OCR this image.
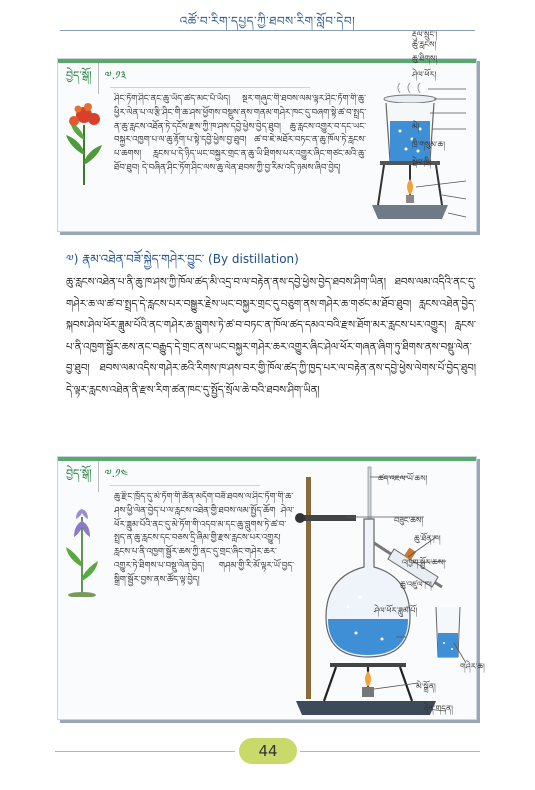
འཚོ་བ་རིག་དཔྱད་ཀྱི་ཐབས་རིག་སློབ་དེབ།
བྱེད་སྒོ།	༧.༡༣
ཤིང་ཏོག་ཤིང་ནང་ཆུ་ཡོད་ཚད་མང་པོ་ཡོད། སྔར་གཞུང་གི་ཐབས་ལམ་ལྟར་ཤིང་ཏོག་གི་ཆུ་ཕྱིར་ལེན་པ་ལ་རྩི་ཤིང་གི་ཆ་ཤས་ཕྱོགས་བསྡུས་ནས་གནམ་གཤེར་ཁང་དུ་བཞག་སྟེ་ཚ་བ་སྤྲད་ན་ཆུ་རླངས་འཐོན་ཏེ་དངོས་རྫས་ཀྱི་ཁ་ཤས་དབྱེ་ཕྱེས་བྱེད་ཐུབ། ཆུ་རླངས་འགྱུར་བ་དང་ཡང་བསྐྱར་འཁྱག་པ་ལ་ཆུ་རྟོག་པ་སྟེ་དབྱེ་ཕྱེས་བྱ་ཐུབ། ཚ་བ་ཇེ་མཐོར་བཏང་ན་ཆུ་ཁོལ་ཏེ་རླངས་པ་ཆགས། རླངས་པ་དེ་ཉིད་ཡང་བསྐྱར་གྲང་ན་ཆུ་ཡི་ཐིགས་པར་འགྱུར་ཞིང་གཙང་མའི་ཆུ་ཐོབ་ཐུབ། དེ་བཞིན་ཤིང་ཏོག་ཤིང་ལས་ཆུ་ལེན་ཐབས་ཀྱི་བྱ་རིམ་འདི་ཉམས་ཞིབ་བྱེད།
རྡུལ་སྲུང་།
ཆུ་རླངས།
ཆུ་ཐིགས།
ཤེལ་ཕོར།
མེ།
ཁྲི་གསུམ་ཆ།
སྡེབ་ཁྲི།
༧) རྣམ་འཐེན་བཟོ་སྐྱེད་གཤེར་བྱུང་ (By distillation)
ཆུ་རླངས་འཐེན་པ་ནི་ཆུ་ཁ་ཤས་ཀྱི་ཁོལ་ཚད་མི་འདྲ་བ་ལ་བརྟེན་ནས་དབྱེ་ཕྱེས་བྱེད་ཐབས་ཤིག་ཡིན། ཐབས་ལམ་འདིའི་ནང་དུ་གཤེར་ཆ་ལ་ཚ་བ་སྤྲད་དེ་རླངས་པར་བསྒྱུར་རྗེས་ཡང་བསྐྱར་གྲང་དུ་བཅུག་ནས་གཤེར་ཆ་གཙང་མ་ཐོབ་ཐུབ། རླངས་འཐེན་བྱེད་སྐབས་ཤེལ་ཕོར་ཟླུམ་པོའི་ནང་གཤེར་ཆ་བླུགས་ཏེ་ཚ་བ་བཏང་ན་ཁོལ་ཚད་དམའ་བའི་རྫས་ཐོག་མར་རླངས་པར་འགྱུར། རླངས་པ་ནི་འཁྱག་སྦྱོར་ཆས་ནང་བརྒྱུད་དེ་གྲང་ནས་ཡང་བསྐྱར་གཤེར་ཆར་འགྱུར་ཞིང་ཤེལ་ཕོར་གཞན་ཞིག་ཏུ་ཐིགས་ནས་བསྡུ་ལེན་བྱ་ཐུབ། ཐབས་ལམ་འདིས་གཤེར་ཆའི་རིགས་ཁ་ཤས་བར་གྱི་ཁོལ་ཚད་ཀྱི་ཁྱད་པར་ལ་བརྟེན་ནས་དབྱེ་ཕྱེས་ལེགས་པོ་བྱེད་ཐུབ། དེ་ལྟར་རླངས་འཐེན་ནི་རྫས་རིག་ཚན་ཁང་དུ་སྤྱོད་སྲོལ་ཆེ་བའི་ཐབས་ཤིག་ཡིན།
བྱེད་སྒོ།	༧.༡༤
ཆུ་རྫིང་ཁྲོད་དུ་མེ་ཏོག་གི་ཚོན་མདོག་བཟོ་ཐབས་ལ་ཤིང་ཏོག་གི་ཆ་ཤས་ཕྱི་ལེན་བྱེད་པ་ལ་རླངས་འཐེན་གྱི་ཐབས་ལམ་སྤྱོད་ཆོག ཤེལ་ཕོར་ཟླུམ་པོའི་ནང་དུ་མེ་ཏོག་གི་འདབ་མ་དང་ཆུ་བླུགས་ཏེ་ཚ་བ་སྤྲད་ན་ཆུ་རླངས་དང་བཅས་དྲི་ཞིམ་གྱི་རྫས་རླངས་པར་འགྱུར། རླངས་པ་ནི་འཁྱག་སྦྱོར་ཆས་ཀྱི་ནང་དུ་གྲང་ཞིང་གཤེར་ཆར་འགྱུར་ཏེ་ཐིགས་པ་བསྡུ་ལེན་བྱེད། གཤམ་གྱི་རི་མོ་ལྟར་ཡོ་བྱད་སྒྲིག་སྦྱོར་བྱས་ནས་ཚོད་ལྟ་བྱེད།
ཚད་འཇལ་ཡོ་ཆས།
བཟུང་ཆས།
ཆུ་ཐོན་ཁ།
འཁྱག་སྦྱོར་ཆས།
ཆུ་འཛུལ་ཁ།
ཤེལ་ཕོར་ཟླུམ་པོ།
གཤེར་ཆ།
མེ་སྒྲོན།
རྟེན་གདན།
44
